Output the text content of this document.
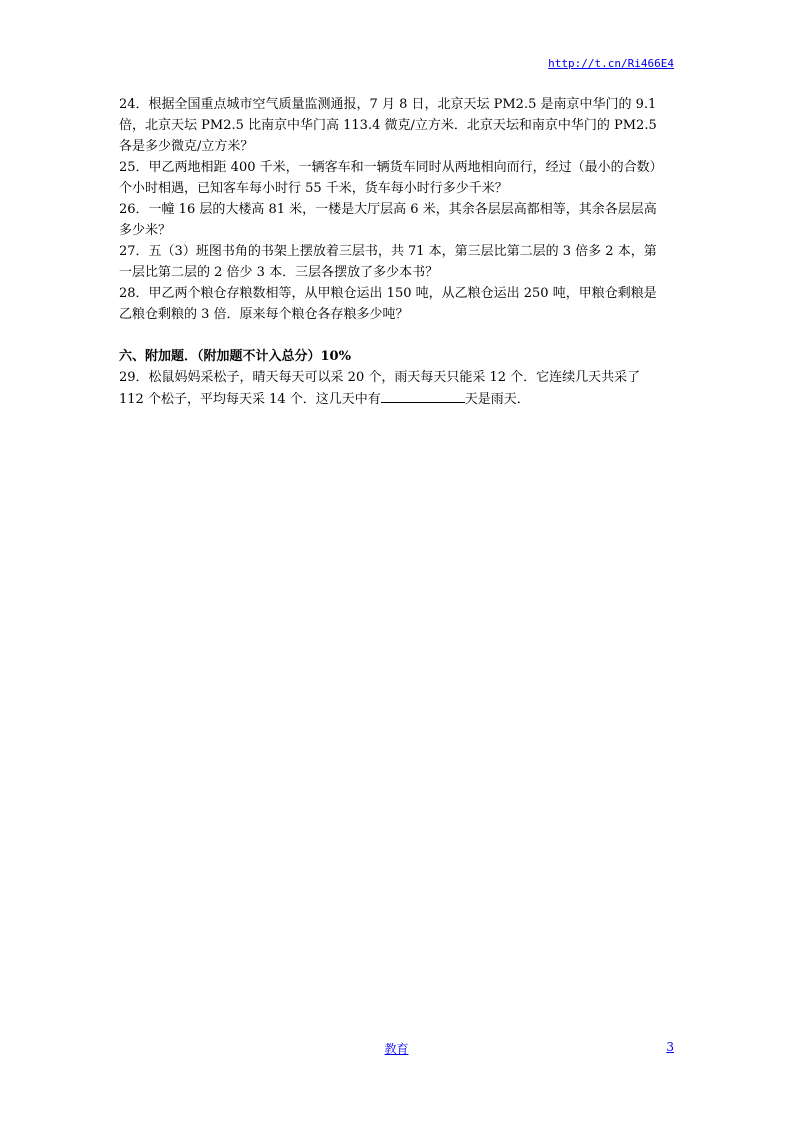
http://t.cn/Ri466E4

24．根据全国重点城市空气质量监测通报，7 月 8 日，北京天坛 PM2.5 是南京中华门的 9.1

倍，北京天坛 PM2.5 比南京中华门高 113.4 微克/立方米．北京天坛和南京中华门的 PM2.5

各是多少微克/立方米？

25．甲乙两地相距 400 千米，一辆客车和一辆货车同时从两地相向而行，经过（最小的合数）

个小时相遇，已知客车每小时行 55 千米，货车每小时行多少千米？

26．一幢 16 层的大楼高 81 米，一楼是大厅层高 6 米，其余各层层高都相等，其余各层层高

多少米？

27．五（3）班图书角的书架上摆放着三层书，共 71 本，第三层比第二层的 3 倍多 2 本，第

一层比第二层的 2 倍少 3 本．三层各摆放了多少本书？

28．甲乙两个粮仓存粮数相等，从甲粮仓运出 150 吨，从乙粮仓运出 250 吨，甲粮仓剩粮是

乙粮仓剩粮的 3 倍．原来每个粮仓各存粮多少吨？

六、附加题．（附加题不计入总分）10%

29．松鼠妈妈采松子，晴天每天可以采 20 个，雨天每天只能采 12 个．它连续几天共采了

112 个松子，平均每天采 14 个．这几天中有	天是雨天．

教育	3
